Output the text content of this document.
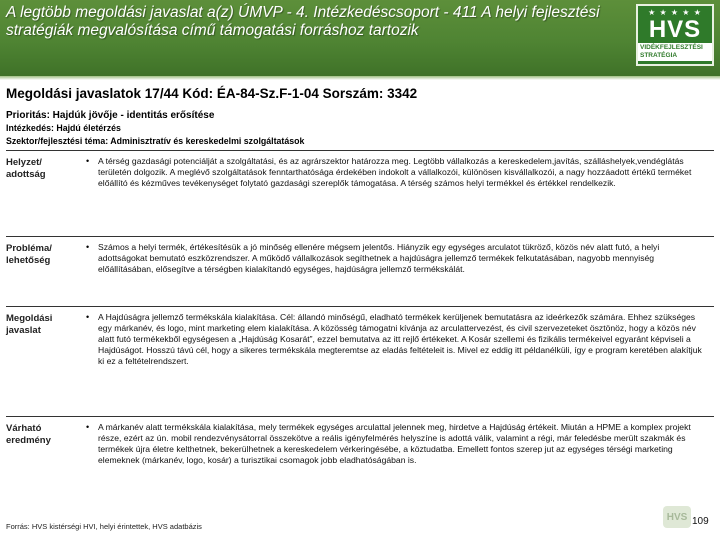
A legtöbb megoldási javaslat a(z) ÚMVP - 4. Intézkedéscsoport - 411 A helyi fejlesztési stratégiák megvalósítása című támogatási forráshoz tartozik
★ ★ ★ ★ ★
HVS
VIDÉKFEJLESZTÉSI STRATÉGIA
Megoldási javaslatok 17/44 Kód: ÉA-84-Sz.F-1-04 Sorszám: 3342
Prioritás: Hajdúk jövője - identitás erősítése
Intézkedés: Hajdú életérzés
Szektor/fejlesztési téma: Adminisztratív és kereskedelmi szolgáltatások
Helyzet/ adottság
• A térség gazdasági potenciálját a szolgáltatási, és az agrárszektor határozza meg. Legtöbb vállalkozás a kereskedelem,javítás, szálláshelyek,vendéglátás területén dolgozik. A meglévő szolgáltatások fenntarthatósága érdekében indokolt a vállalkozói, különösen kisvállalkozói, a nagy hozzáadott értékű terméket előállító és kézműves tevékenységet folytató gazdasági szereplők támogatása. A térség számos helyi termékkel és értékkel rendelkezik.
Probléma/ lehetőség
• Számos a helyi termék, értékesítésük a jó minőség ellenére mégsem jelentős. Hiányzik egy egységes arculatot tükröző, közös név alatt futó, a helyi adottságokat bemutató eszközrendszer. A működő vállalkozások segíthetnek a hajdúságra jellemző termékek felkutatásában, nagyobb mennyiség előállításában, elősegítve a térségben kialakítandó egységes, hajdúságra jellemző termékskálát.
Megoldási javaslat
• A Hajdúságra jellemző termékskála kialakítása. Cél: állandó minőségű, eladható termékek kerüljenek bemutatásra az ideérkezők számára. Ehhez szükséges egy márkanév, és logo, mint marketing elem kialakítása. A közösség támogatni kívánja az arculattervezést, és civil szervezeteket ösztönöz, hogy a közös név alatt futó termékekből egységesen a „Hajdúság Kosarát”, ezzel bemutatva az itt rejlő értékeket. A Kosár szellemi és fizikális termékeivel egyaránt képviseli a Hajdúságot. Hosszú távú cél, hogy a sikeres termékskála megteremtse az eladás feltételeit is. Mivel ez eddig itt példanélküli, így e program keretében alakítjuk ki ez a feltételrendszert.
Várható eredmény
• A márkanév alatt termékskála kialakítása, mely termékek egységes arculattal jelennek meg, hirdetve a Hajdúság értékeit. Miután a HPME a komplex projekt része, ezért az ún. mobil rendezvénysátorral összekötve a reális igényfelmérés helyszíne is adottá válik, valamint a régi, már feledésbe merült szakmák és termékek újra életre kelthetnek, bekerülhetnek a kereskedelem vérkeringésébe, a köztudatba. Emellett fontos szerep jut az egységes térségi marketing elemeknek (márkanév, logo, kosár) a turisztikai csomagok jobb eladhatóságában is.
Forrás: HVS kistérségi HVI, helyi érintettek, HVS adatbázis
HVS 109
